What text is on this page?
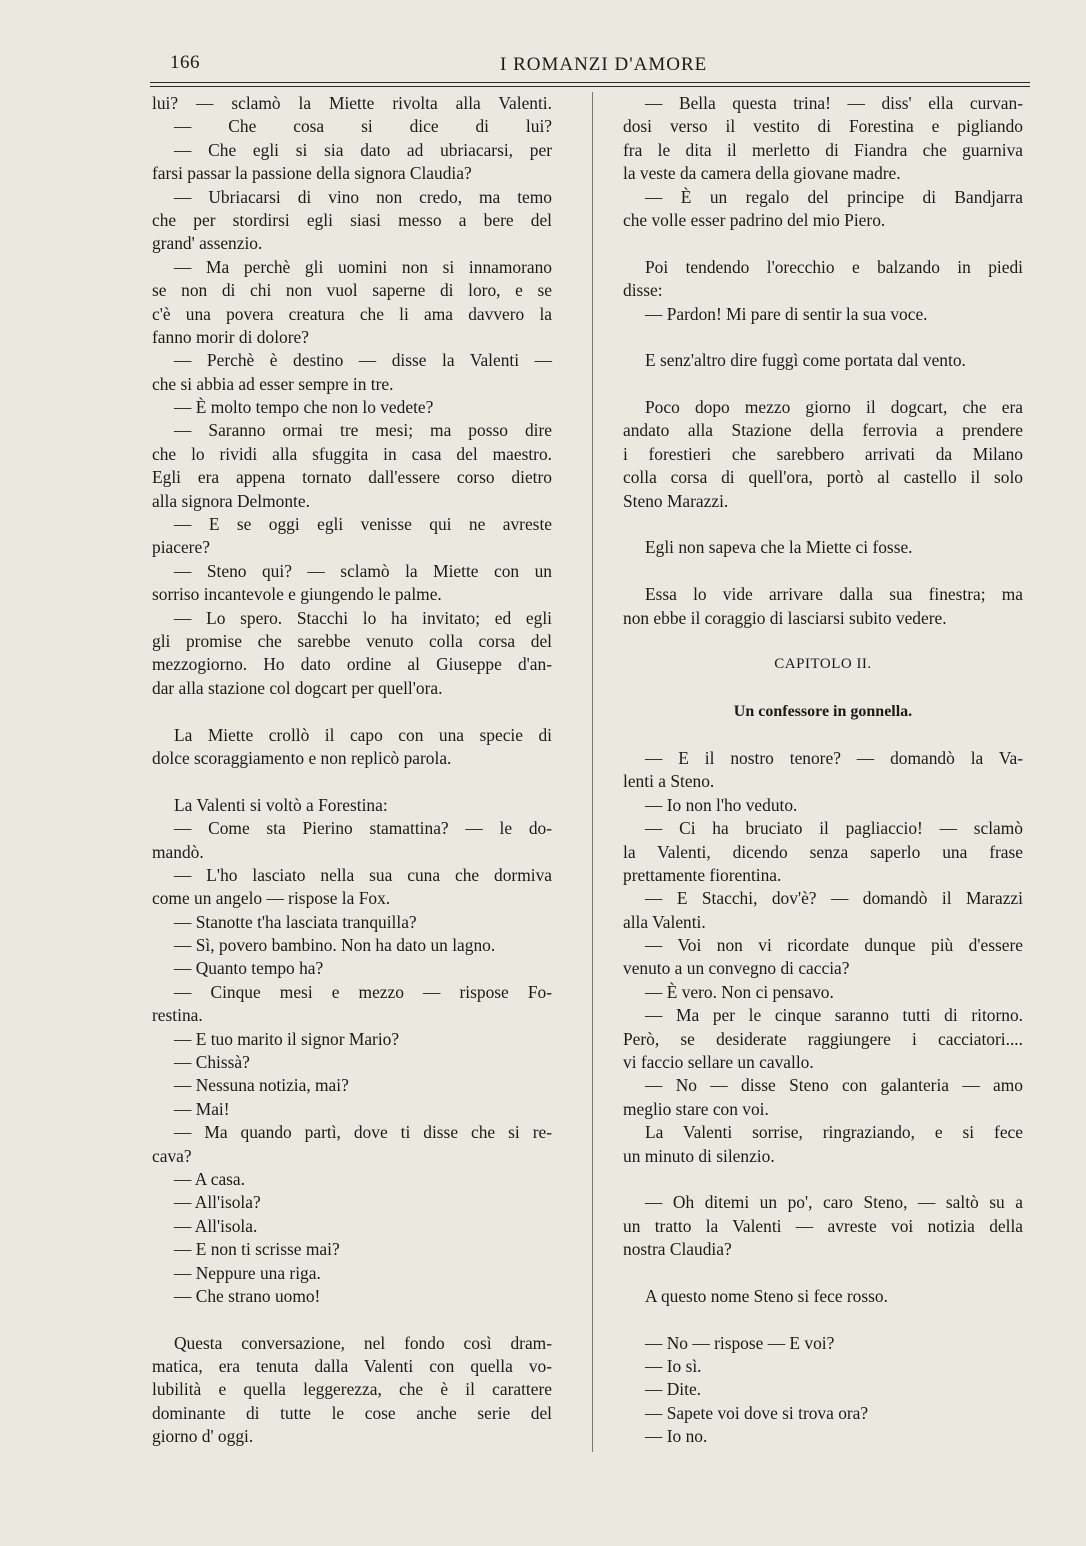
166	I ROMANZI D'AMORE
lui? — sclamò la Miette rivolta alla Valenti.
— Che cosa si dice di lui?
— Che egli si sia dato ad ubriacarsi, per
farsi passar la passione della signora Claudia?
— Ubriacarsi di vino non credo, ma temo
che per stordirsi egli siasi messo a bere del
grand' assenzio.
— Ma perchè gli uomini non si innamorano
se non di chi non vuol saperne di loro, e se
c'è una povera creatura che li ama davvero la
fanno morir di dolore?
— Perchè è destino — disse la Valenti —
che si abbia ad esser sempre in tre.
— È molto tempo che non lo vedete?
— Saranno ormai tre mesi; ma posso dire
che lo rividi alla sfuggita in casa del maestro.
Egli era appena tornato dall'essere corso dietro
alla signora Delmonte.
— E se oggi egli venisse qui ne avreste
piacere?
— Steno qui? — sclamò la Miette con un
sorriso incantevole e giungendo le palme.
— Lo spero. Stacchi lo ha invitato; ed egli
gli promise che sarebbe venuto colla corsa del
mezzogiorno. Ho dato ordine al Giuseppe d'an-
dar alla stazione col dogcart per quell'ora.
La Miette crollò il capo con una specie di
dolce scoraggiamento e non replicò parola.
La Valenti si voltò a Forestina:
— Come sta Pierino stamattina? — le do-
mandò.
— L'ho lasciato nella sua cuna che dormiva
come un angelo — rispose la Fox.
— Stanotte t'ha lasciata tranquilla?
— Sì, povero bambino. Non ha dato un lagno.
— Quanto tempo ha?
— Cinque mesi e mezzo — rispose Fo-
restina.
— E tuo marito il signor Mario?
— Chissà?
— Nessuna notizia, mai?
— Mai!
— Ma quando partì, dove ti disse che si re-
cava?
— A casa.
— All'isola?
— All'isola.
— E non ti scrisse mai?
— Neppure una riga.
— Che strano uomo!
Questa conversazione, nel fondo così dram-
matica, era tenuta dalla Valenti con quella vo-
lubilità e quella leggerezza, che è il carattere
dominante di tutte le cose anche serie del
giorno d' oggi.
— Bella questa trina! — diss' ella curvan-
dosi verso il vestito di Forestina e pigliando
fra le dita il merletto di Fiandra che guarniva
la veste da camera della giovane madre.
— È un regalo del principe di Bandjarra
che volle esser padrino del mio Piero.
Poi tendendo l'orecchio e balzando in piedi
disse:
— Pardon! Mi pare di sentir la sua voce.
E senz'altro dire fuggì come portata dal vento.
Poco dopo mezzo giorno il dogcart, che era
andato alla Stazione della ferrovia a prendere
i forestieri che sarebbero arrivati da Milano
colla corsa di quell'ora, portò al castello il solo
Steno Marazzi.
Egli non sapeva che la Miette ci fosse.
Essa lo vide arrivare dalla sua finestra; ma
non ebbe il coraggio di lasciarsi subito vedere.
CAPITOLO II.
Un confessore in gonnella.
— E il nostro tenore? — domandò la Va-
lenti a Steno.
— Io non l'ho veduto.
— Ci ha bruciato il pagliaccio! — sclamò
la Valenti, dicendo senza saperlo una frase
prettamente fiorentina.
— E Stacchi, dov'è? — domandò il Marazzi
alla Valenti.
— Voi non vi ricordate dunque più d'essere
venuto a un convegno di caccia?
— È vero. Non ci pensavo.
— Ma per le cinque saranno tutti di ritorno.
Però, se desiderate raggiungere i cacciatori....
vi faccio sellare un cavallo.
— No — disse Steno con galanteria — amo
meglio stare con voi.
La Valenti sorrise, ringraziando, e si fece
un minuto di silenzio.
— Oh ditemi un po', caro Steno, — saltò su a
un tratto la Valenti — avreste voi notizia della
nostra Claudia?
A questo nome Steno si fece rosso.
— No — rispose — E voi?
— Io sì.
— Dite.
— Sapete voi dove si trova ora?
— Io no.
